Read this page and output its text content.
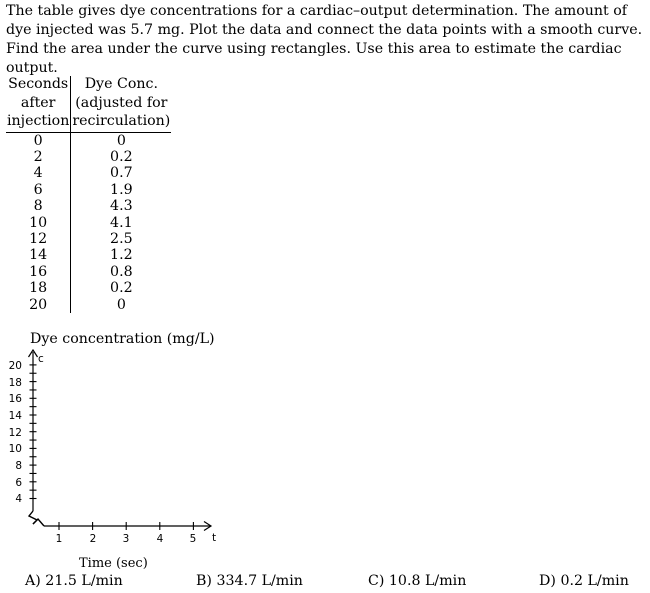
The table gives dye concentrations for a cardiac–output determination. The amount of dye injected was 5.7 mg. Plot the data and connect the data points with a smooth curve. Find the area under the curve using rectangles. Use this area to estimate the cardiac output.
Seconds	Dye Conc.
after	(adjusted for
injection	recirculation)
0	0
2	0.2
4	0.7
6	1.9
8	4.3
10	4.1
12	2.5
14	1.2
16	0.8
18	0.2
20	0
Dye concentration (mg/L)
c
4
6
8
10
12
14
16
18
20
1	2	3	4	5 t
Time (sec)
A) 21.5 L/min	B) 334.7 L/min	C) 10.8 L/min	D) 0.2 L/min
